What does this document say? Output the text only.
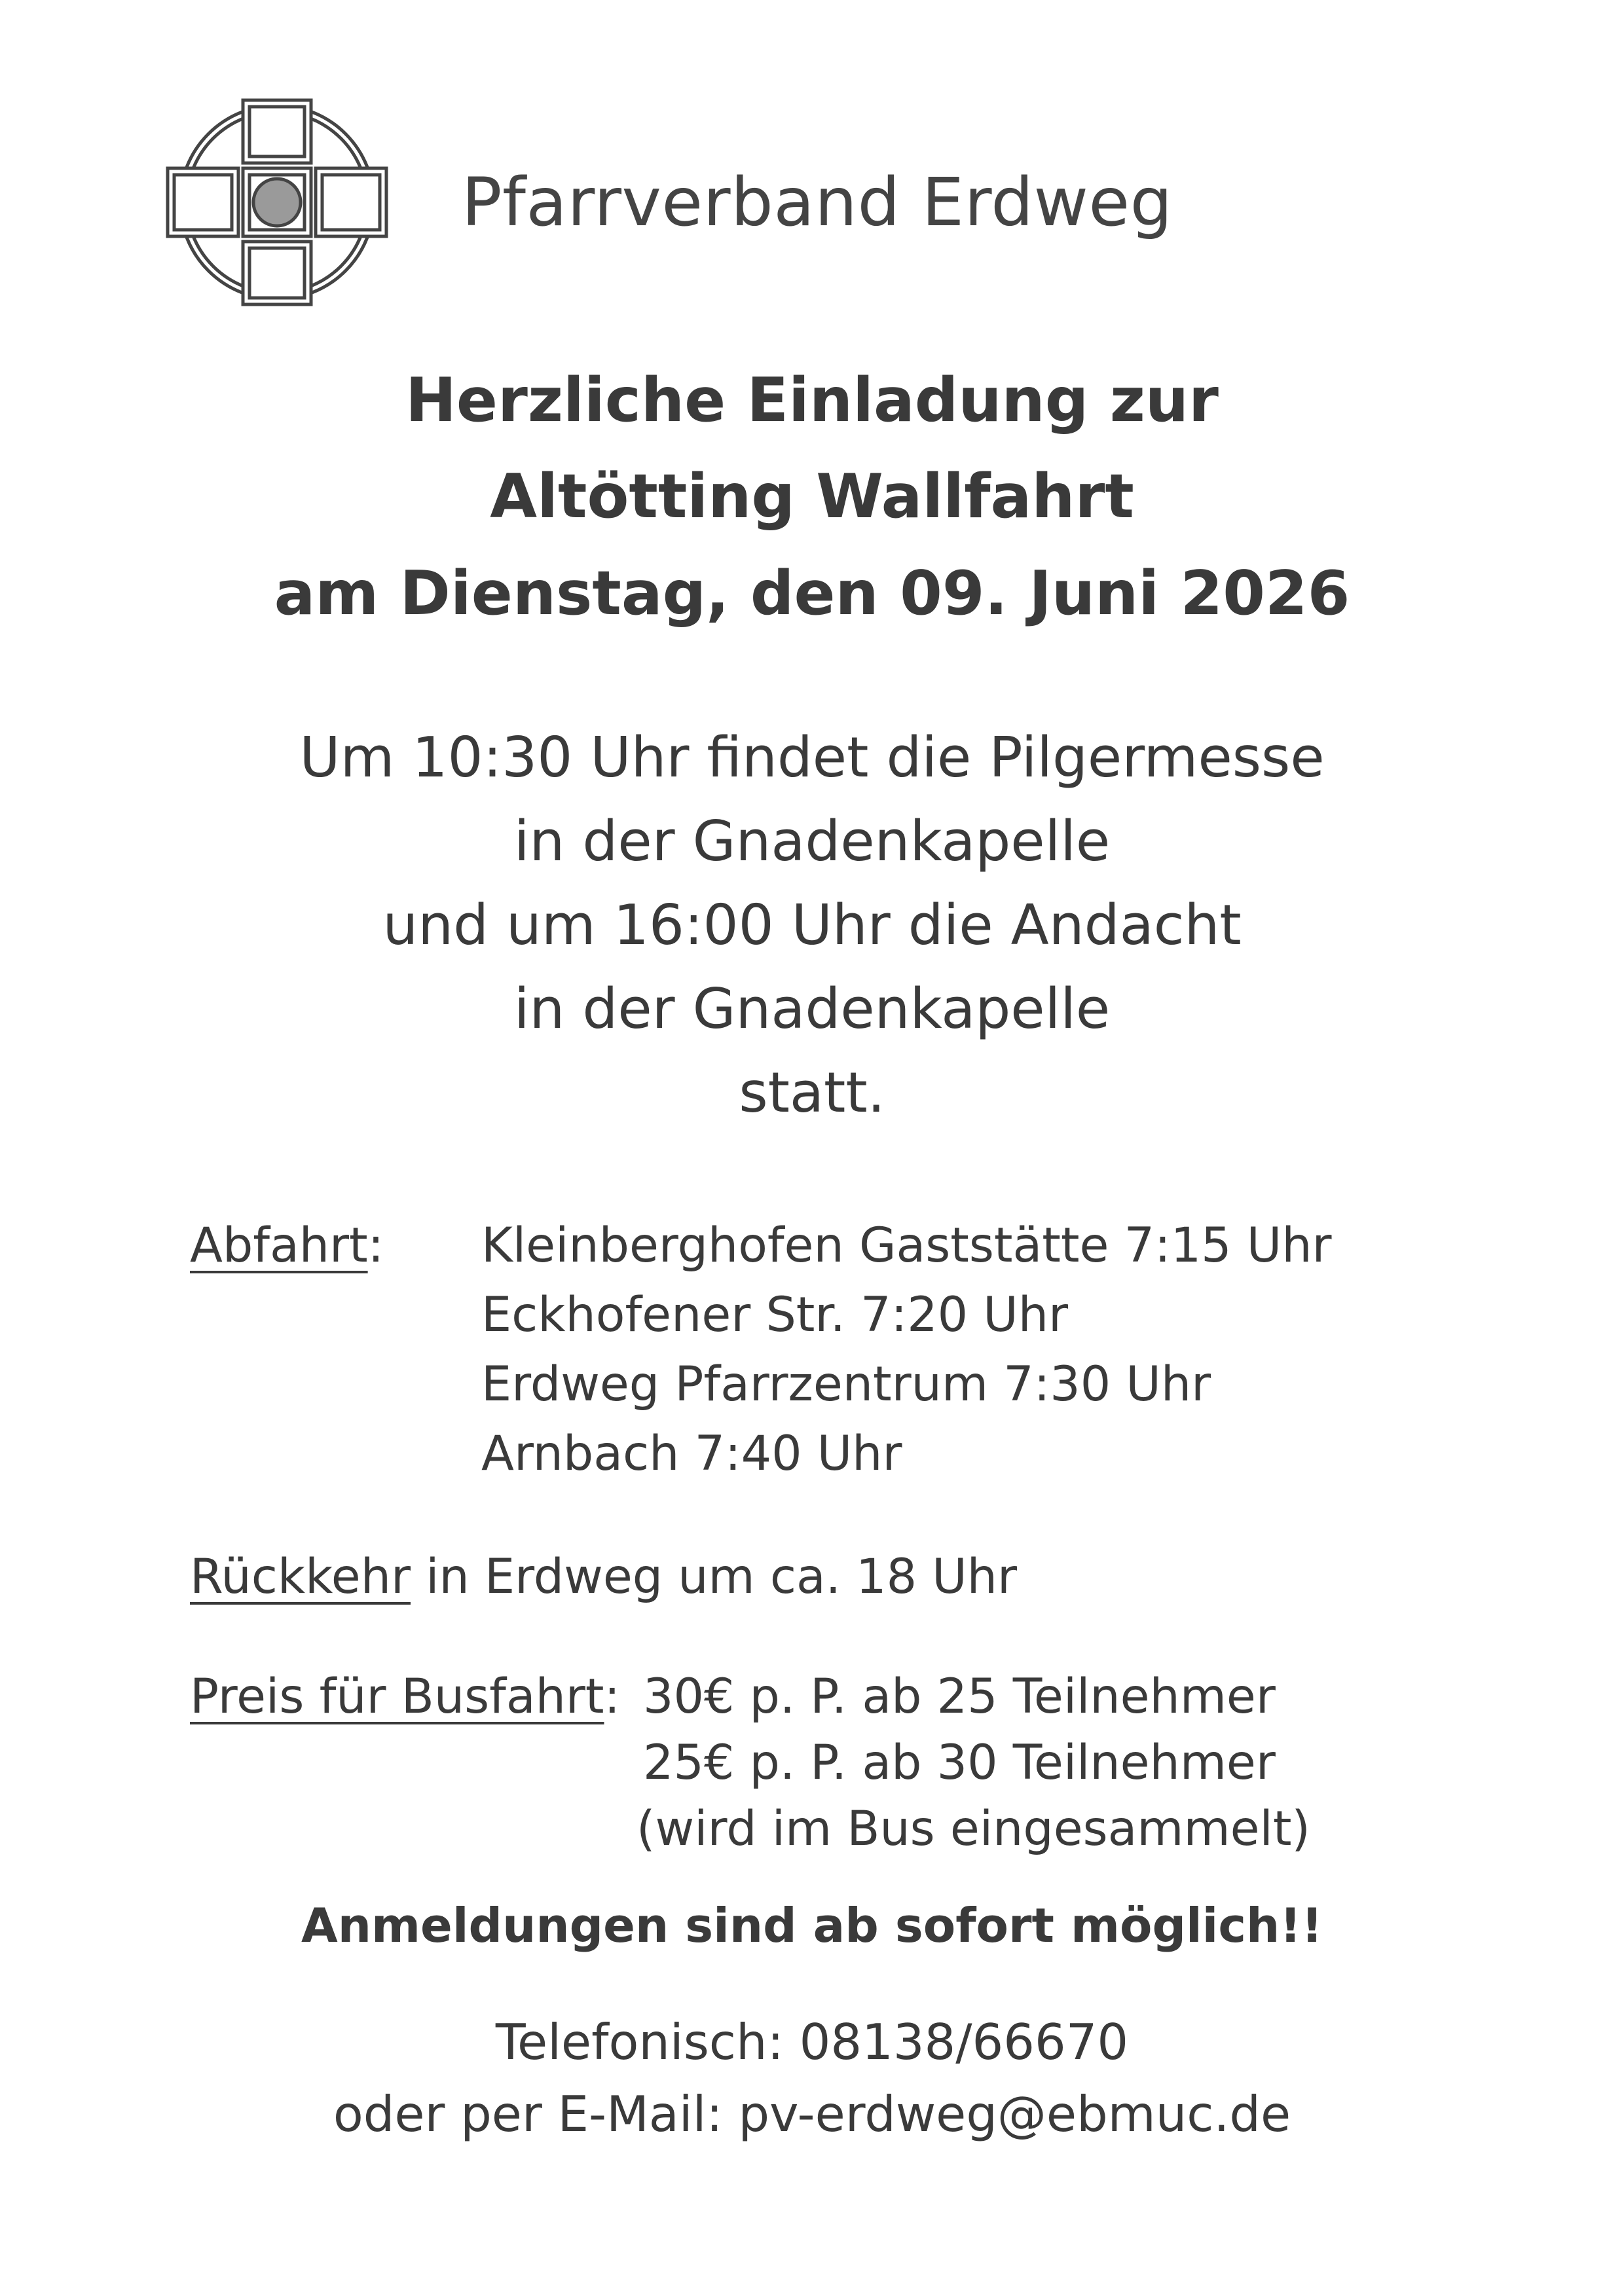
Pfarrverband Erdweg
Herzliche Einladung zur
Altötting Wallfahrt
am Dienstag, den 09. Juni 2026
Um 10:30 Uhr findet die Pilgermesse
in der Gnadenkapelle
und um 16:00 Uhr die Andacht
in der Gnadenkapelle
statt.
Abfahrt: Kleinberghofen Gaststätte 7:15 Uhr
Eckhofener Str. 7:20 Uhr
Erdweg Pfarrzentrum 7:30 Uhr
Arnbach 7:40 Uhr
Rückkehr in Erdweg um ca. 18 Uhr
Preis für Busfahrt: 30€ p. P. ab 25 Teilnehmer
25€ p. P. ab 30 Teilnehmer
(wird im Bus eingesammelt)
Anmeldungen sind ab sofort möglich!!
Telefonisch: 08138/66670
oder per E-Mail: pv-erdweg@ebmuc.de
